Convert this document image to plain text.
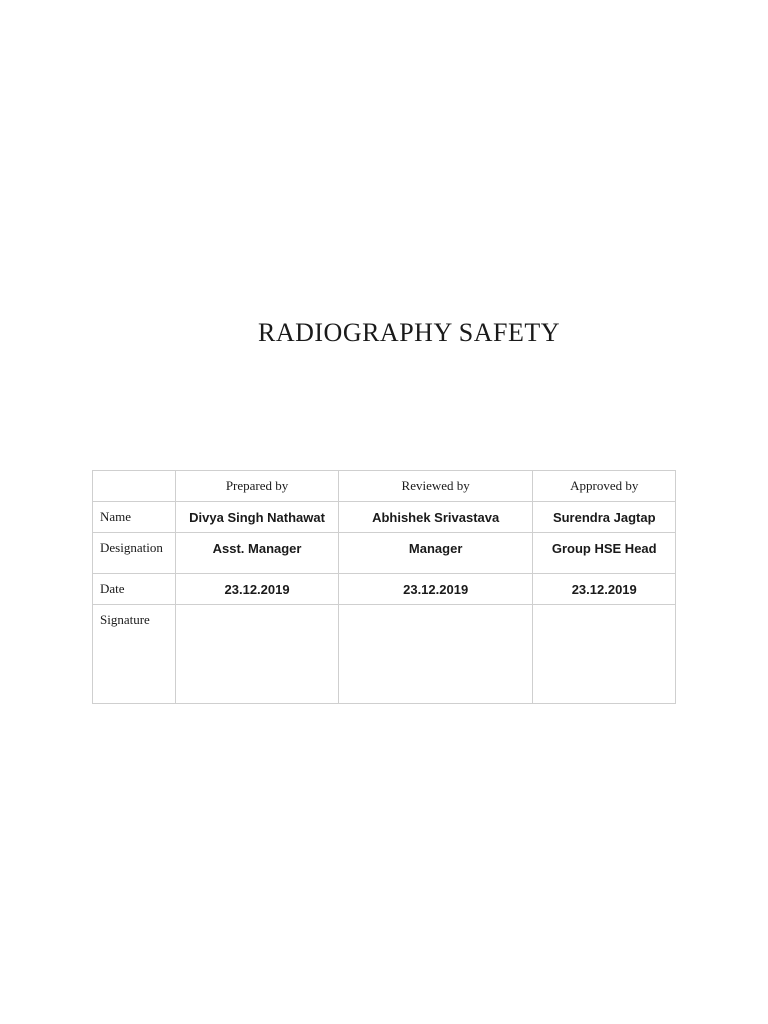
RADIOGRAPHY SAFETY
	Prepared by	Reviewed by	Approved by
Name	Divya Singh Nathawat	Abhishek Srivastava	Surendra Jagtap
Designation	Asst. Manager	Manager	Group HSE Head
Date	23.12.2019	23.12.2019	23.12.2019
Signature			
